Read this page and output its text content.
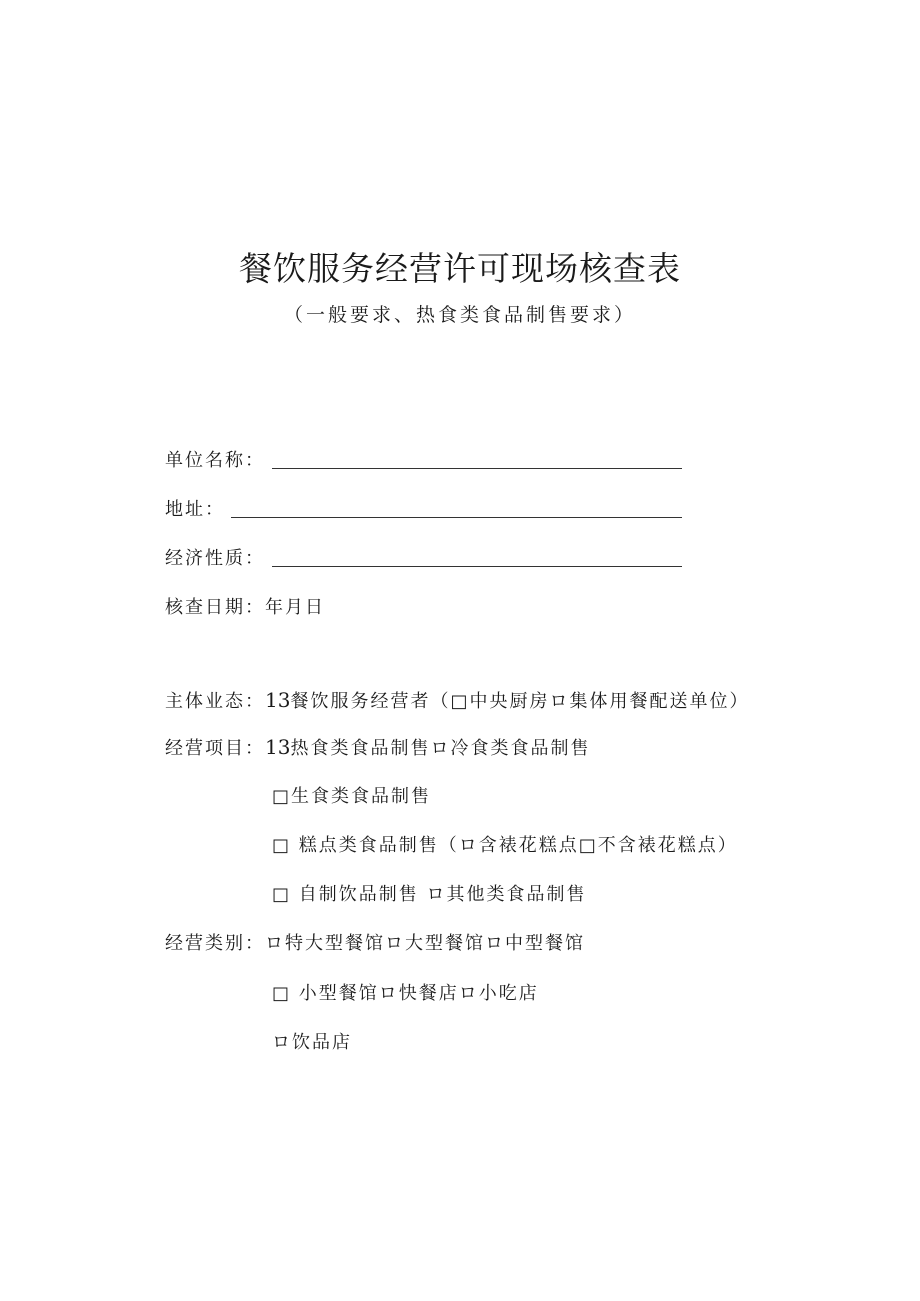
餐饮服务经营许可现场核查表
（一般要求、热食类食品制售要求）
单位名称：
地址：
经济性质：
核查日期：年月日
主体业态：13餐饮服务经营者（□中央厨房ロ集体用餐配送单位）
经营项目：13热食类食品制售ロ冷食类食品制售
□生食类食品制售
□ 糕点类食品制售（ロ含裱花糕点□不含裱花糕点）
□ 自制饮品制售 ロ其他类食品制售
经营类别：ロ特大型餐馆ロ大型餐馆ロ中型餐馆
□ 小型餐馆ロ快餐店ロ小吃店
ロ饮品店
